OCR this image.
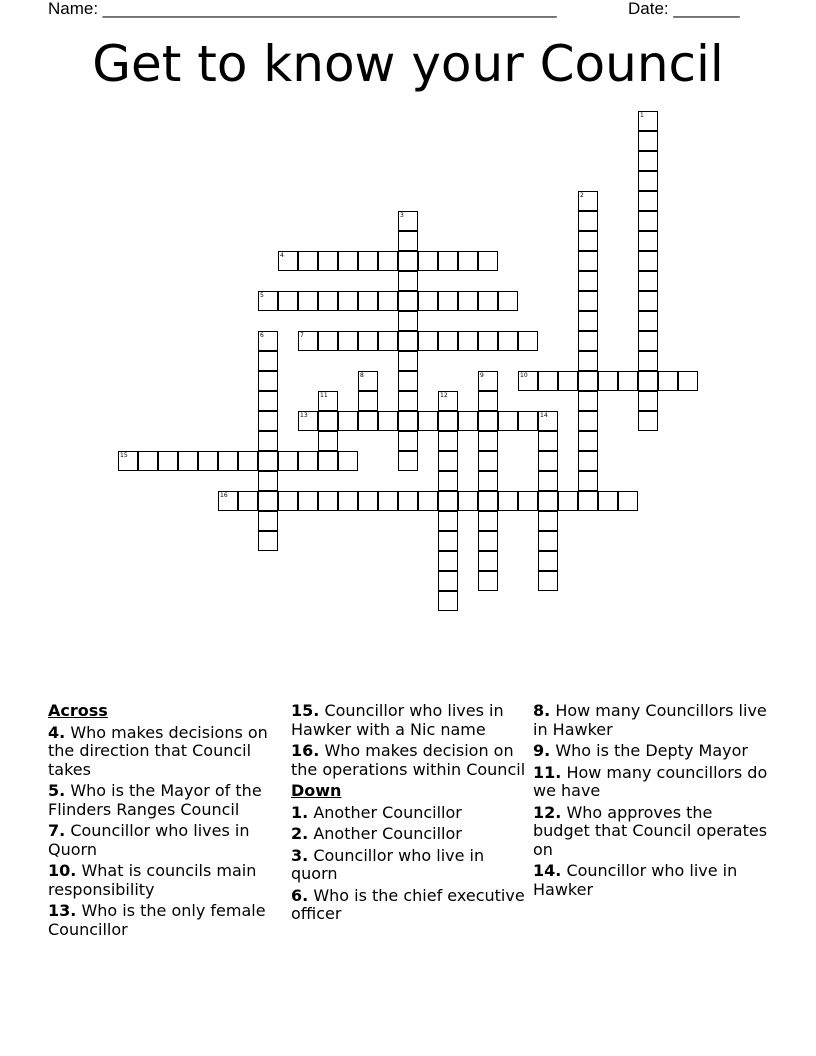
Name: ________________________________________________

	Date: _______

Get to know your Council
1
2
3
4
5
6	7
8	9	10
11	12
13	14
15
16
Across
4. Who makes decisions on the direction that Council takes
5. Who is the Mayor of the Flinders Ranges Council
7. Councillor who lives in Quorn
10. What is councils main responsibility
13. Who is the only female Councillor
15. Councillor who lives in Hawker with a Nic name
16. Who makes decision on the operations within Council
Down
1. Another Councillor
2. Another Councillor
3. Councillor who live in quorn
6. Who is the chief executive officer
8. How many Councillors live in Hawker
9. Who is the Depty Mayor
11. How many councillors do we have
12. Who approves the budget that Council operates on
14. Councillor who live in Hawker
